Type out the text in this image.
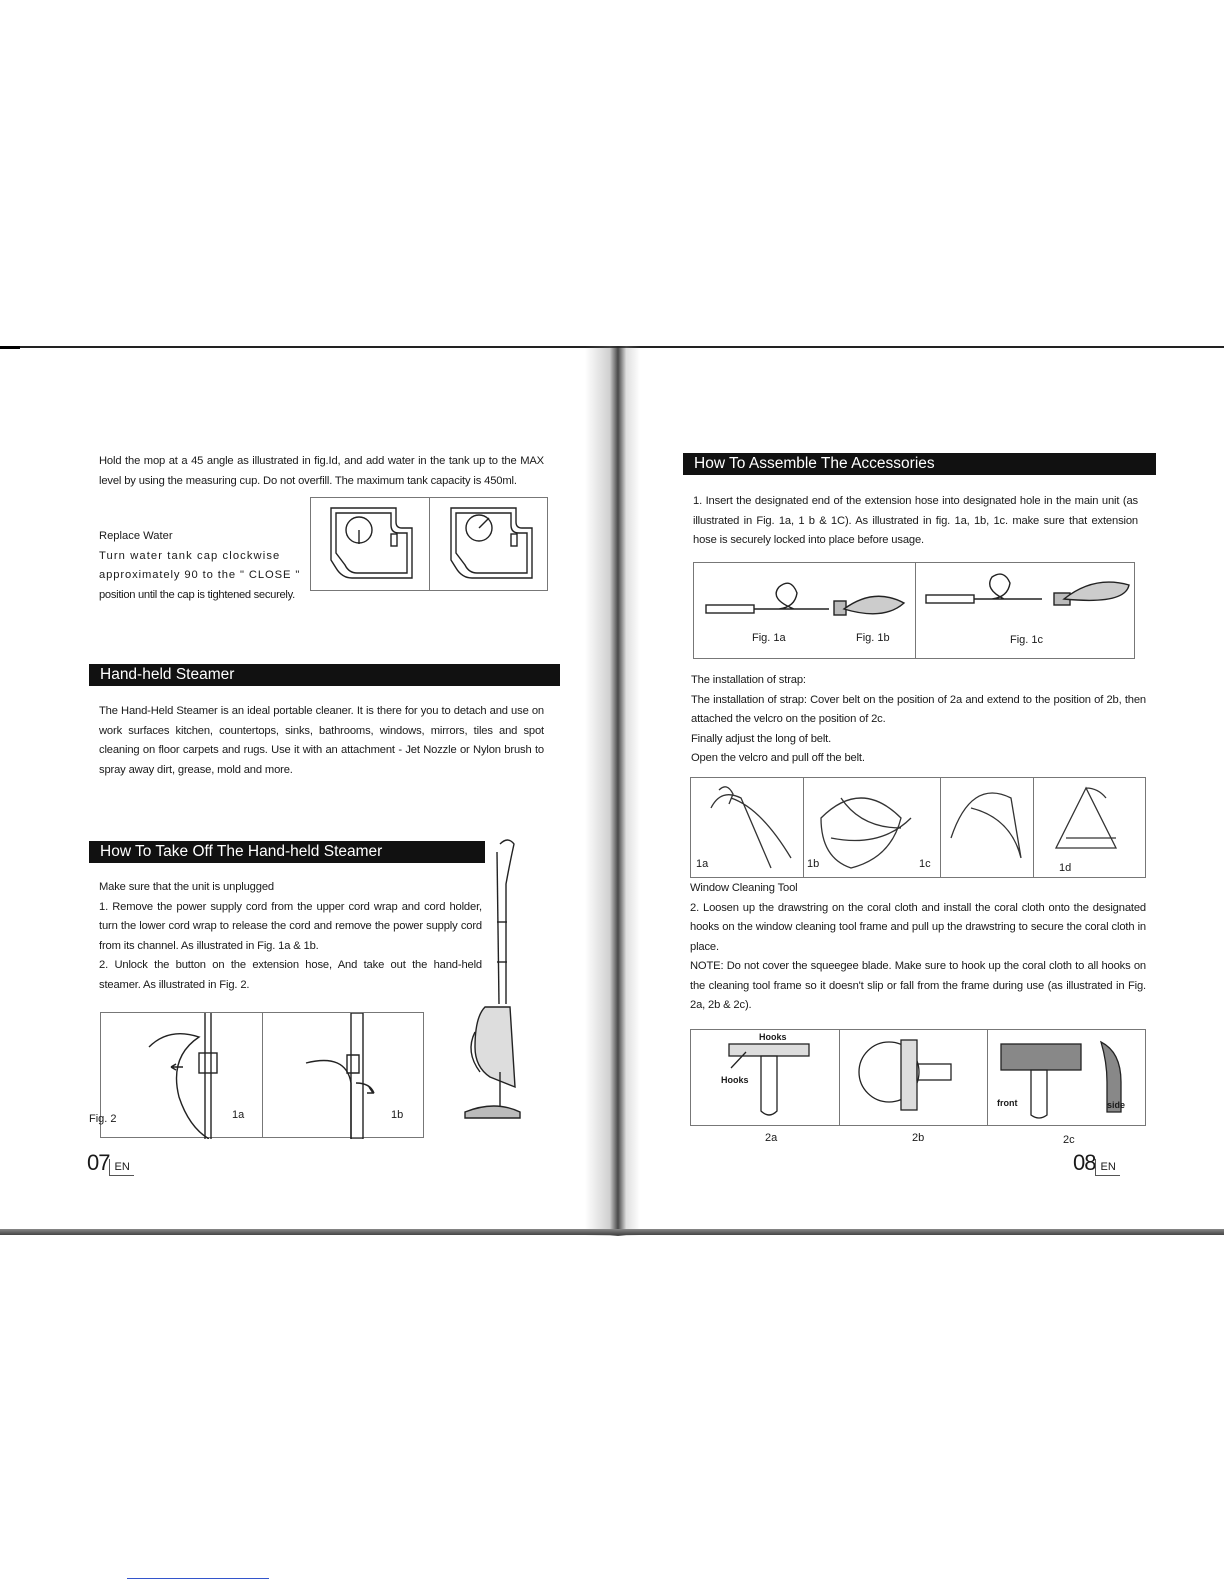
Hold the mop at a 45 angle as illustrated in fig.Id, and add water in the tank up to the MAX level by using the measuring cup. Do not overfill. The maximum tank capacity is 450ml.

Replace Water
Turn water tank cap clockwise
approximately 90 to the " CLOSE "
position until the cap is tightened securely.
Hand-held Steamer

The Hand-Held Steamer is an ideal portable cleaner. It is there for you to detach and use on work surfaces kitchen, countertops, sinks, bathrooms, windows, mirrors, tiles and spot cleaning on floor carpets and rugs. Use it with an attachment - Jet Nozzle or Nylon brush to spray away dirt, grease, mold and more.

How To Take Off The Hand-held Steamer

Make sure that the unit is unplugged

1. Remove the power supply cord from the upper cord wrap and cord holder, turn the lower cord wrap to release the cord and remove the power supply cord from its channel. As illustrated in Fig. 1a & 1b.

2. Unlock the button on the extension hose, And take out the hand-held steamer. As illustrated in Fig. 2.

1a	1b
Fig. 2
07 EN
How To Assemble The Accessories

1. Insert the designated end of the extension hose into designated hole in the main unit (as illustrated in Fig. 1a, 1 b & 1C). As illustrated in fig. 1a, 1b, 1c. make sure that extension hose is securely locked into place before usage.

Fig. 1a	Fig. 1b	Fig. 1c

The installation of strap:

The installation of strap: Cover belt on the position of 2a and extend to the position of 2b, then attached the velcro on the position of 2c.

Finally adjust the long of belt.

Open the velcro and pull off the belt.

1a	1b	1c	1d

Window Cleaning Tool

2. Loosen up the drawstring on the coral cloth and install the coral cloth onto the designated hooks on the window cleaning tool frame and pull up the drawstring to secure the coral cloth in place.

NOTE: Do not cover the squeegee blade. Make sure to hook up the coral cloth to all hooks on the cleaning tool frame so it doesn't slip or fall from the frame during use (as illustrated in Fig. 2a, 2b & 2c).

Hooks
Hooks
front	side
2a	2b	2c
08 EN
